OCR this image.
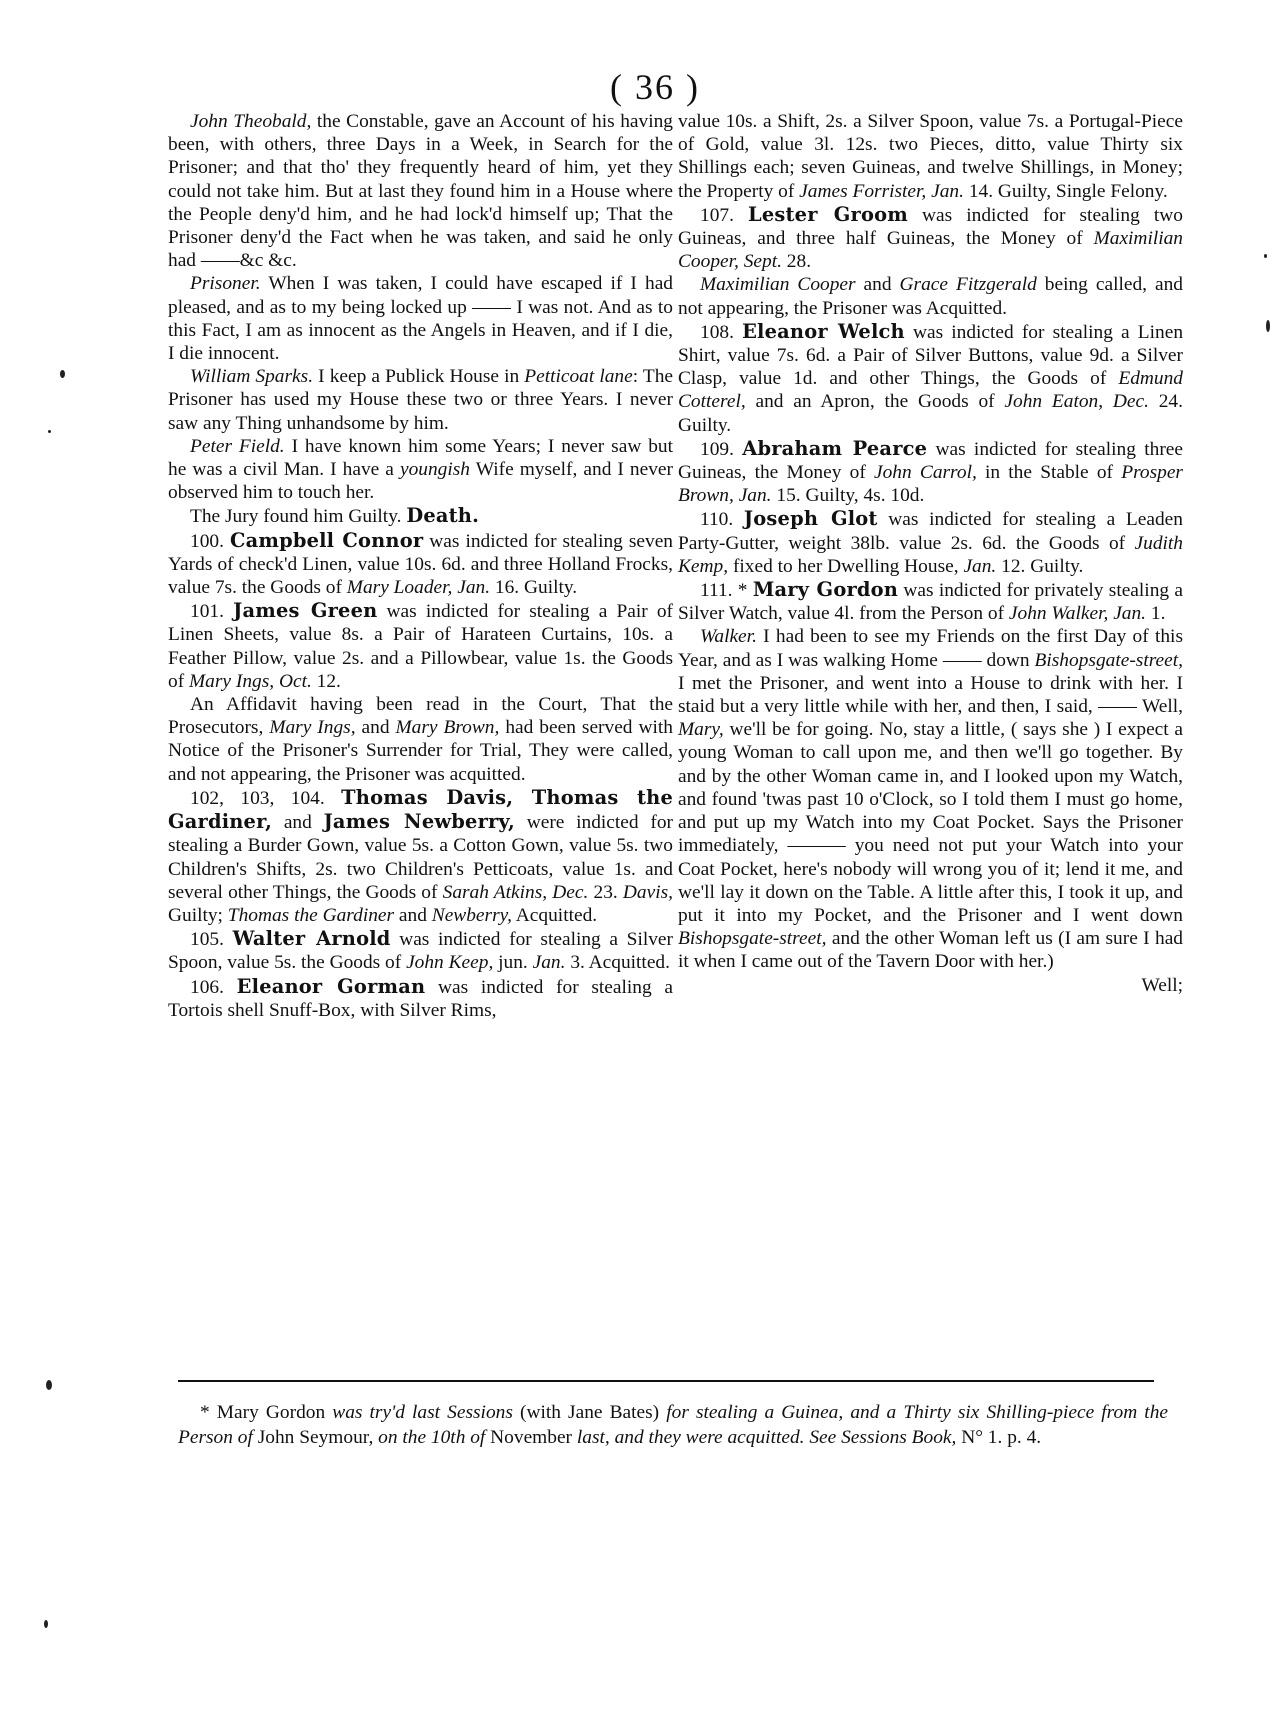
( 36 )

John Theobald, the Constable, gave an Account of his having been, with others, three Days in a Week, in Search for the Prisoner; and that tho' they frequently heard of him, yet they could not take him. But at last they found him in a House where the People deny'd him, and he had lock'd himself up; That the Prisoner deny'd the Fact when he was taken, and said he only had ——&c &c.

Prisoner. When I was taken, I could have escaped if I had pleased, and as to my being locked up —— I was not. And as to this Fact, I am as innocent as the Angels in Heaven, and if I die, I die innocent.

William Sparks. I keep a Publick House in Petticoat lane: The Prisoner has used my House these two or three Years. I never saw any Thing unhandsome by him.

Peter Field. I have known him some Years; I never saw but he was a civil Man. I have a youngish Wife myself, and I never observed him to touch her.

The Jury found him Guilty. Death.

100. Campbell Connor was indicted for stealing seven Yards of check'd Linen, value 10s. 6d. and three Holland Frocks, value 7s. the Goods of Mary Loader, Jan. 16. Guilty.

101. James Green was indicted for stealing a Pair of Linen Sheets, value 8s. a Pair of Harateen Curtains, 10s. a Feather Pillow, value 2s. and a Pillowbear, value 1s. the Goods of Mary Ings, Oct. 12.

An Affidavit having been read in the Court, That the Prosecutors, Mary Ings, and Mary Brown, had been served with Notice of the Prisoner's Surrender for Trial, They were called, and not appearing, the Prisoner was acquitted.

102, 103, 104. Thomas Davis, Thomas the Gardiner, and James Newberry, were indicted for stealing a Burder Gown, value 5s. a Cotton Gown, value 5s. two Children's Shifts, 2s. two Children's Petticoats, value 1s. and several other Things, the Goods of Sarah Atkins, Dec. 23. Davis, Guilty; Thomas the Gardiner and Newberry, Acquitted.

105. Walter Arnold was indicted for stealing a Silver Spoon, value 5s. the Goods of John Keep, jun. Jan. 3. Acquitted.

106. Eleanor Gorman was indicted for stealing a Tortois shell Snuff-Box, with Silver Rims,

value 10s. a Shift, 2s. a Silver Spoon, value 7s. a Portugal-Piece of Gold, value 3l. 12s. two Pieces, ditto, value Thirty six Shillings each; seven Guineas, and twelve Shillings, in Money; the Property of James Forrister, Jan. 14. Guilty, Single Felony.

107. Lester Groom was indicted for stealing two Guineas, and three half Guineas, the Money of Maximilian Cooper, Sept. 28.

Maximilian Cooper and Grace Fitzgerald being called, and not appearing, the Prisoner was Acquitted.

108. Eleanor Welch was indicted for stealing a Linen Shirt, value 7s. 6d. a Pair of Silver Buttons, value 9d. a Silver Clasp, value 1d. and other Things, the Goods of Edmund Cotterel, and an Apron, the Goods of John Eaton, Dec. 24. Guilty.

109. Abraham Pearce was indicted for stealing three Guineas, the Money of John Carrol, in the Stable of Prosper Brown, Jan. 15. Guilty, 4s. 10d.

110. Joseph Glot was indicted for stealing a Leaden Party-Gutter, weight 38lb. value 2s. 6d. the Goods of Judith Kemp, fixed to her Dwelling House, Jan. 12. Guilty.

111. * Mary Gordon was indicted for privately stealing a Silver Watch, value 4l. from the Person of John Walker, Jan. 1.

Walker. I had been to see my Friends on the first Day of this Year, and as I was walking Home —— down Bishopsgate-street, I met the Prisoner, and went into a House to drink with her. I staid but a very little while with her, and then, I said, —— Well, Mary, we'll be for going. No, stay a little, ( says she ) I expect a young Woman to call upon me, and then we'll go together. By and by the other Woman came in, and I looked upon my Watch, and found 'twas past 10 o'Clock, so I told them I must go home, and put up my Watch into my Coat Pocket. Says the Prisoner immediately, ——— you need not put your Watch into your Coat Pocket, here's nobody will wrong you of it; lend it me, and we'll lay it down on the Table. A little after this, I took it up, and put it into my Pocket, and the Prisoner and I went down Bishopsgate-street, and the other Woman left us (I am sure I had it when I came out of the Tavern Door with her.)

Well;

* Mary Gordon was try'd last Sessions (with Jane Bates) for stealing a Guinea, and a Thirty six Shilling-piece from the Person of John Seymour, on the 10th of November last, and they were acquitted. See Sessions Book, N° 1. p. 4.
